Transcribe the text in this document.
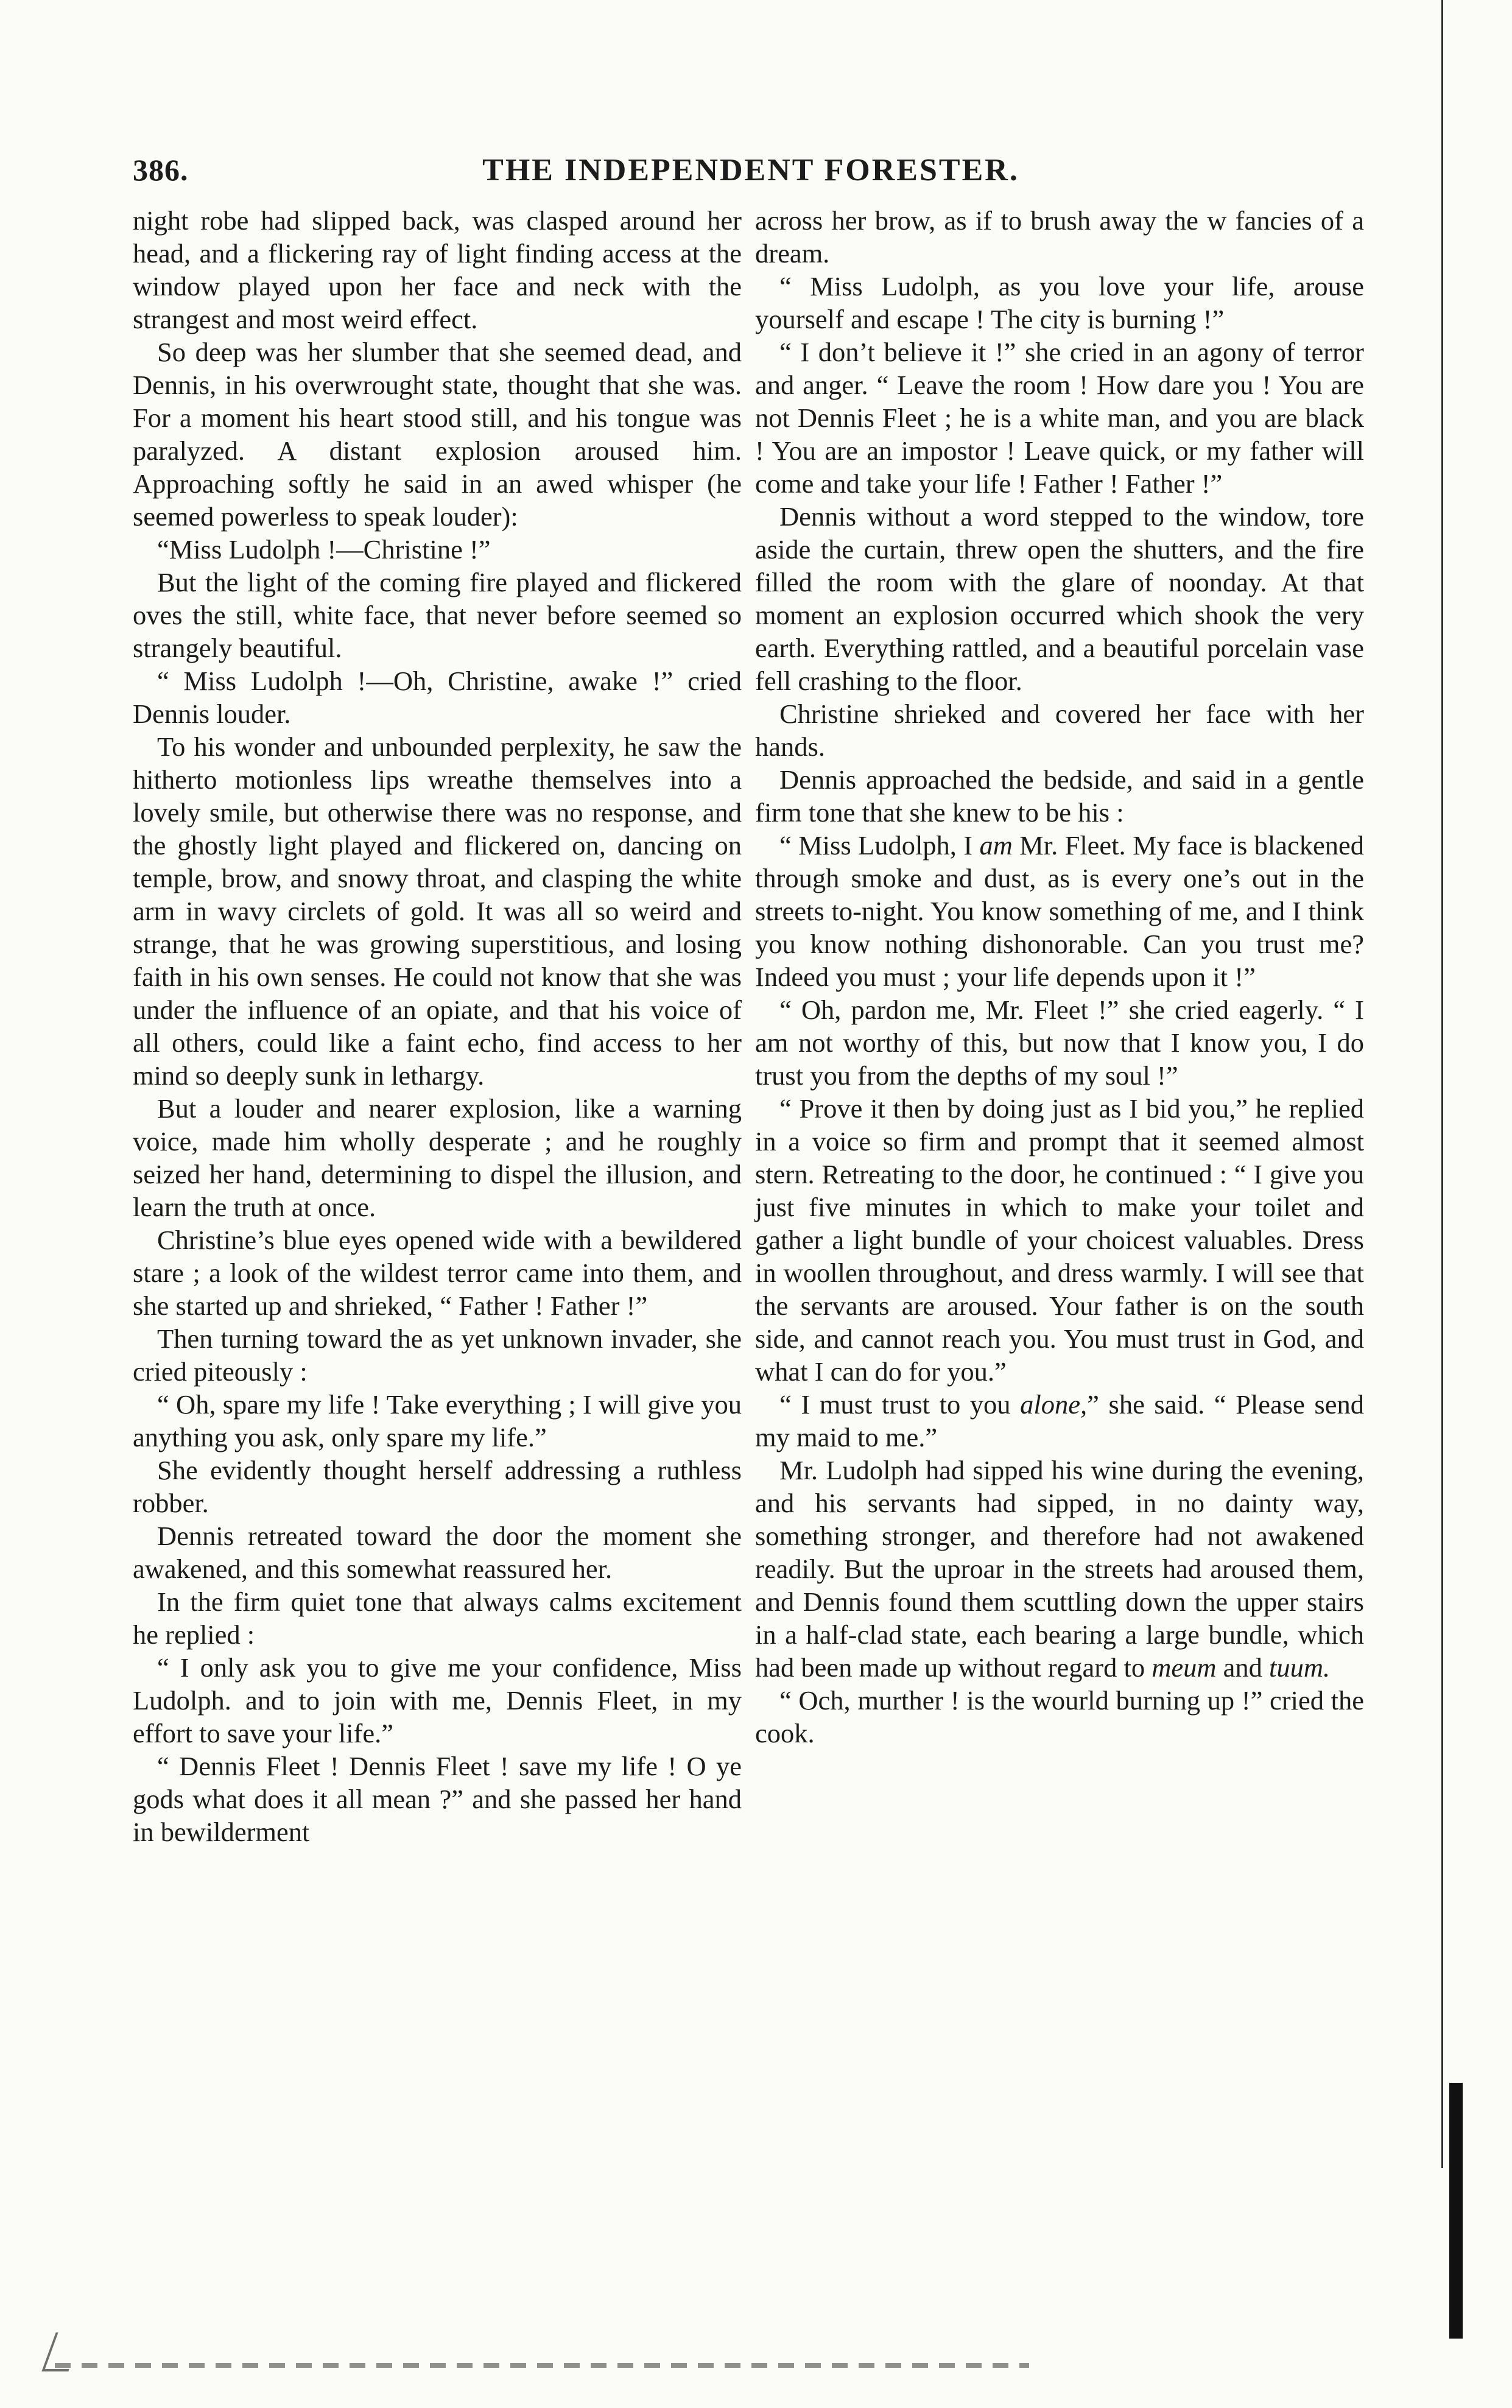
386.	THE INDEPENDENT FORESTER.

night robe had slipped back, was clasped around her head, and a flickering ray of light finding access at the window played upon her face and neck with the strangest and most weird effect.

So deep was her slumber that she seemed dead, and Dennis, in his overwrought state, thought that she was. For a moment his heart stood still, and his tongue was paralyzed. A distant explosion aroused him. Approaching softly he said in an awed whisper (he seemed powerless to speak louder):

“Miss Ludolph !—Christine !”

But the light of the coming fire played and flickered oves the still, white face, that never before seemed so strangely beautiful.

“ Miss Ludolph !—Oh, Christine, awake !” cried Dennis louder.

To his wonder and unbounded perplexity, he saw the hitherto motionless lips wreathe themselves into a lovely smile, but otherwise there was no response, and the ghostly light played and flickered on, dancing on temple, brow, and snowy throat, and clasping the white arm in wavy circlets of gold. It was all so weird and strange, that he was growing superstitious, and losing faith in his own senses. He could not know that she was under the influence of an opiate, and that his voice of all others, could like a faint echo, find access to her mind so deeply sunk in lethargy.

But a louder and nearer explosion, like a warning voice, made him wholly desperate ; and he roughly seized her hand, determining to dispel the illusion, and learn the truth at once.

Christine’s blue eyes opened wide with a bewildered stare ; a look of the wildest terror came into them, and she started up and shrieked, “ Father ! Father !”

Then turning toward the as yet unknown invader, she cried piteously :

“ Oh, spare my life ! Take everything ; I will give you anything you ask, only spare my life.”

She evidently thought herself addressing a ruthless robber.

Dennis retreated toward the door the moment she awakened, and this somewhat reassured her.

In the firm quiet tone that always calms excitement he replied :

“ I only ask you to give me your confidence, Miss Ludolph. and to join with me, Dennis Fleet, in my effort to save your life.”

“ Dennis Fleet ! Dennis Fleet ! save my life ! O ye gods what does it all mean ?” and she passed her hand in bewilderment

across her brow, as if to brush away the w fancies of a dream.

“ Miss Ludolph, as you love your life, arouse yourself and escape ! The city is burning !”

“ I don’t believe it !” she cried in an agony of terror and anger. “ Leave the room ! How dare you ! You are not Dennis Fleet ; he is a white man, and you are black ! You are an impostor ! Leave quick, or my father will come and take your life ! Father ! Father !”

Dennis without a word stepped to the window, tore aside the curtain, threw open the shutters, and the fire filled the room with the glare of noonday. At that moment an explosion occurred which shook the very earth. Everything rattled, and a beautiful porcelain vase fell crashing to the floor.

Christine shrieked and covered her face with her hands.

Dennis approached the bedside, and said in a gentle firm tone that she knew to be his :

“ Miss Ludolph, I am Mr. Fleet. My face is blackened through smoke and dust, as is every one’s out in the streets to-night. You know something of me, and I think you know nothing dishonorable. Can you trust me? Indeed you must ; your life depends upon it !”

“ Oh, pardon me, Mr. Fleet !” she cried eagerly. “ I am not worthy of this, but now that I know you, I do trust you from the depths of my soul !”

“ Prove it then by doing just as I bid you,” he replied in a voice so firm and prompt that it seemed almost stern. Retreating to the door, he continued : “ I give you just five minutes in which to make your toilet and gather a light bundle of your choicest valuables. Dress in woollen throughout, and dress warmly. I will see that the servants are aroused. Your father is on the south side, and cannot reach you. You must trust in God, and what I can do for you.”

“ I must trust to you alone,” she said. “ Please send my maid to me.”

Mr. Ludolph had sipped his wine during the evening, and his servants had sipped, in no dainty way, something stronger, and therefore had not awakened readily. But the uproar in the streets had aroused them, and Dennis found them scuttling down the upper stairs in a half-clad state, each bearing a large bundle, which had been made up without regard to meum and tuum.

“ Och, murther ! is the wourld burning up !” cried the cook.
